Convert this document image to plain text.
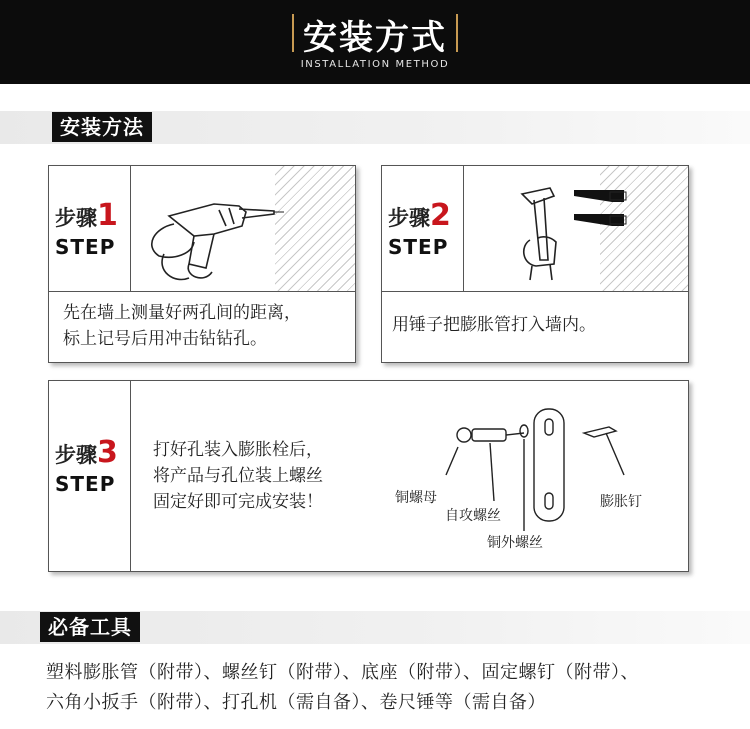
安装方式
INSTALLATION METHOD
安装方法
步骤1
STEP
先在墙上测量好两孔间的距离，
标上记号后用冲击钻钻孔。
步骤2
STEP
用锤子把膨胀管打入墙内。
步骤3
STEP
打好孔装入膨胀栓后，
将产品与孔位装上螺丝
固定好即可完成安装！	铜螺母
自攻螺丝
铜外螺丝
膨胀钉
必备工具
塑料膨胀管（附带）、螺丝钉（附带）、底座（附带）、固定螺钉（附带）、
六角小扳手（附带）、打孔机（需自备）、卷尺锤等（需自备）
